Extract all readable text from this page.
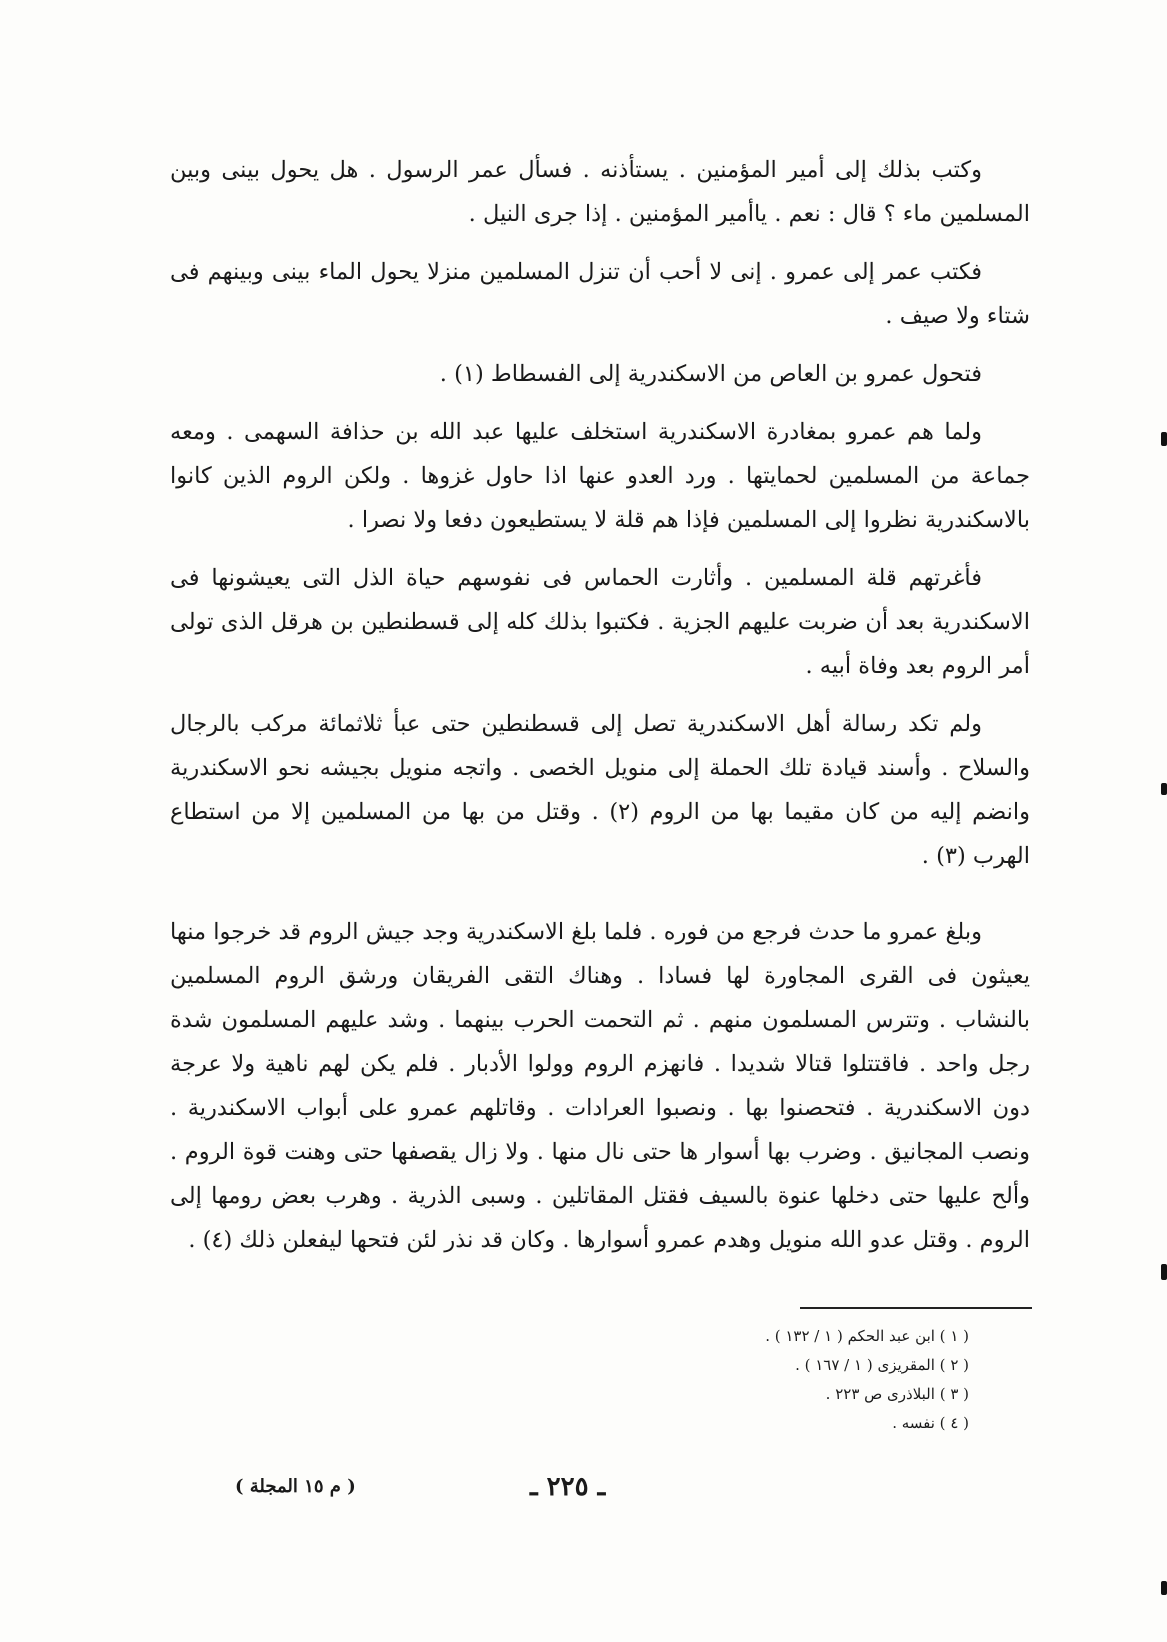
وكتب بذلك إلى أمير المؤمنين . يستأذنه . فسأل عمر الرسول . هل يحول بينى وبين المسلمين ماء ؟ قال : نعم . ياأمير المؤمنين . إذا جرى النيل .

فكتب عمر إلى عمرو . إنى لا أحب أن تنزل المسلمين منزلا يحول الماء بينى وبينهم فى شتاء ولا صيف .

فتحول عمرو بن العاص من الاسكندرية إلى الفسطاط (١) .

ولما هم عمرو بمغادرة الاسكندرية استخلف عليها عبد الله بن حذافة السهمى . ومعه جماعة من المسلمين لحمايتها . ورد العدو عنها اذا حاول غزوها . ولكن الروم الذين كانوا بالاسكندرية نظروا إلى المسلمين فإذا هم قلة لا يستطيعون دفعا ولا نصرا .

فأغرتهم قلة المسلمين . وأثارت الحماس فى نفوسهم حياة الذل التى يعيشونها فى الاسكندرية بعد أن ضربت عليهم الجزية . فكتبوا بذلك كله إلى قسطنطين بن هرقل الذى تولى أمر الروم بعد وفاة أبيه .

ولم تكد رسالة أهل الاسكندرية تصل إلى قسطنطين حتى عبأ ثلاثمائة مركب بالرجال والسلاح . وأسند قيادة تلك الحملة إلى منويل الخصى . واتجه منويل بجيشه نحو الاسكندرية وانضم إليه من كان مقيما بها من الروم (٢) . وقتل من بها من المسلمين إلا من استطاع الهرب (٣) .

وبلغ عمرو ما حدث فرجع من فوره . فلما بلغ الاسكندرية وجد جيش الروم قد خرجوا منها يعيثون فى القرى المجاورة لها فسادا . وهناك التقى الفريقان ورشق الروم المسلمين بالنشاب . وتترس المسلمون منهم . ثم التحمت الحرب بينهما . وشد عليهم المسلمون شدة رجل واحد . فاقتتلوا قتالا شديدا . فانهزم الروم وولوا الأدبار . فلم يكن لهم ناهية ولا عرجة دون الاسكندرية . فتحصنوا بها . ونصبوا العرادات . وقاتلهم عمرو على أبواب الاسكندرية . ونصب المجانيق . وضرب بها أسوار ها حتى نال منها . ولا زال يقصفها حتى وهنت قوة الروم . وألح عليها حتى دخلها عنوة بالسيف فقتل المقاتلين . وسبى الذرية . وهرب بعض رومها إلى الروم . وقتل عدو الله منويل وهدم عمرو أسوارها . وكان قد نذر لئن فتحها ليفعلن ذلك (٤) .

( ١ ) ابن عبد الحكم ( ١ / ١٣٢ ) .
( ٢ ) المقريزى ( ١ / ١٦٧ ) .
( ٣ ) البلاذرى ص ٢٢٣ .
( ٤ ) نفسه .
ـ ٢٢٥ ـ
( م ١٥ المجلة )
